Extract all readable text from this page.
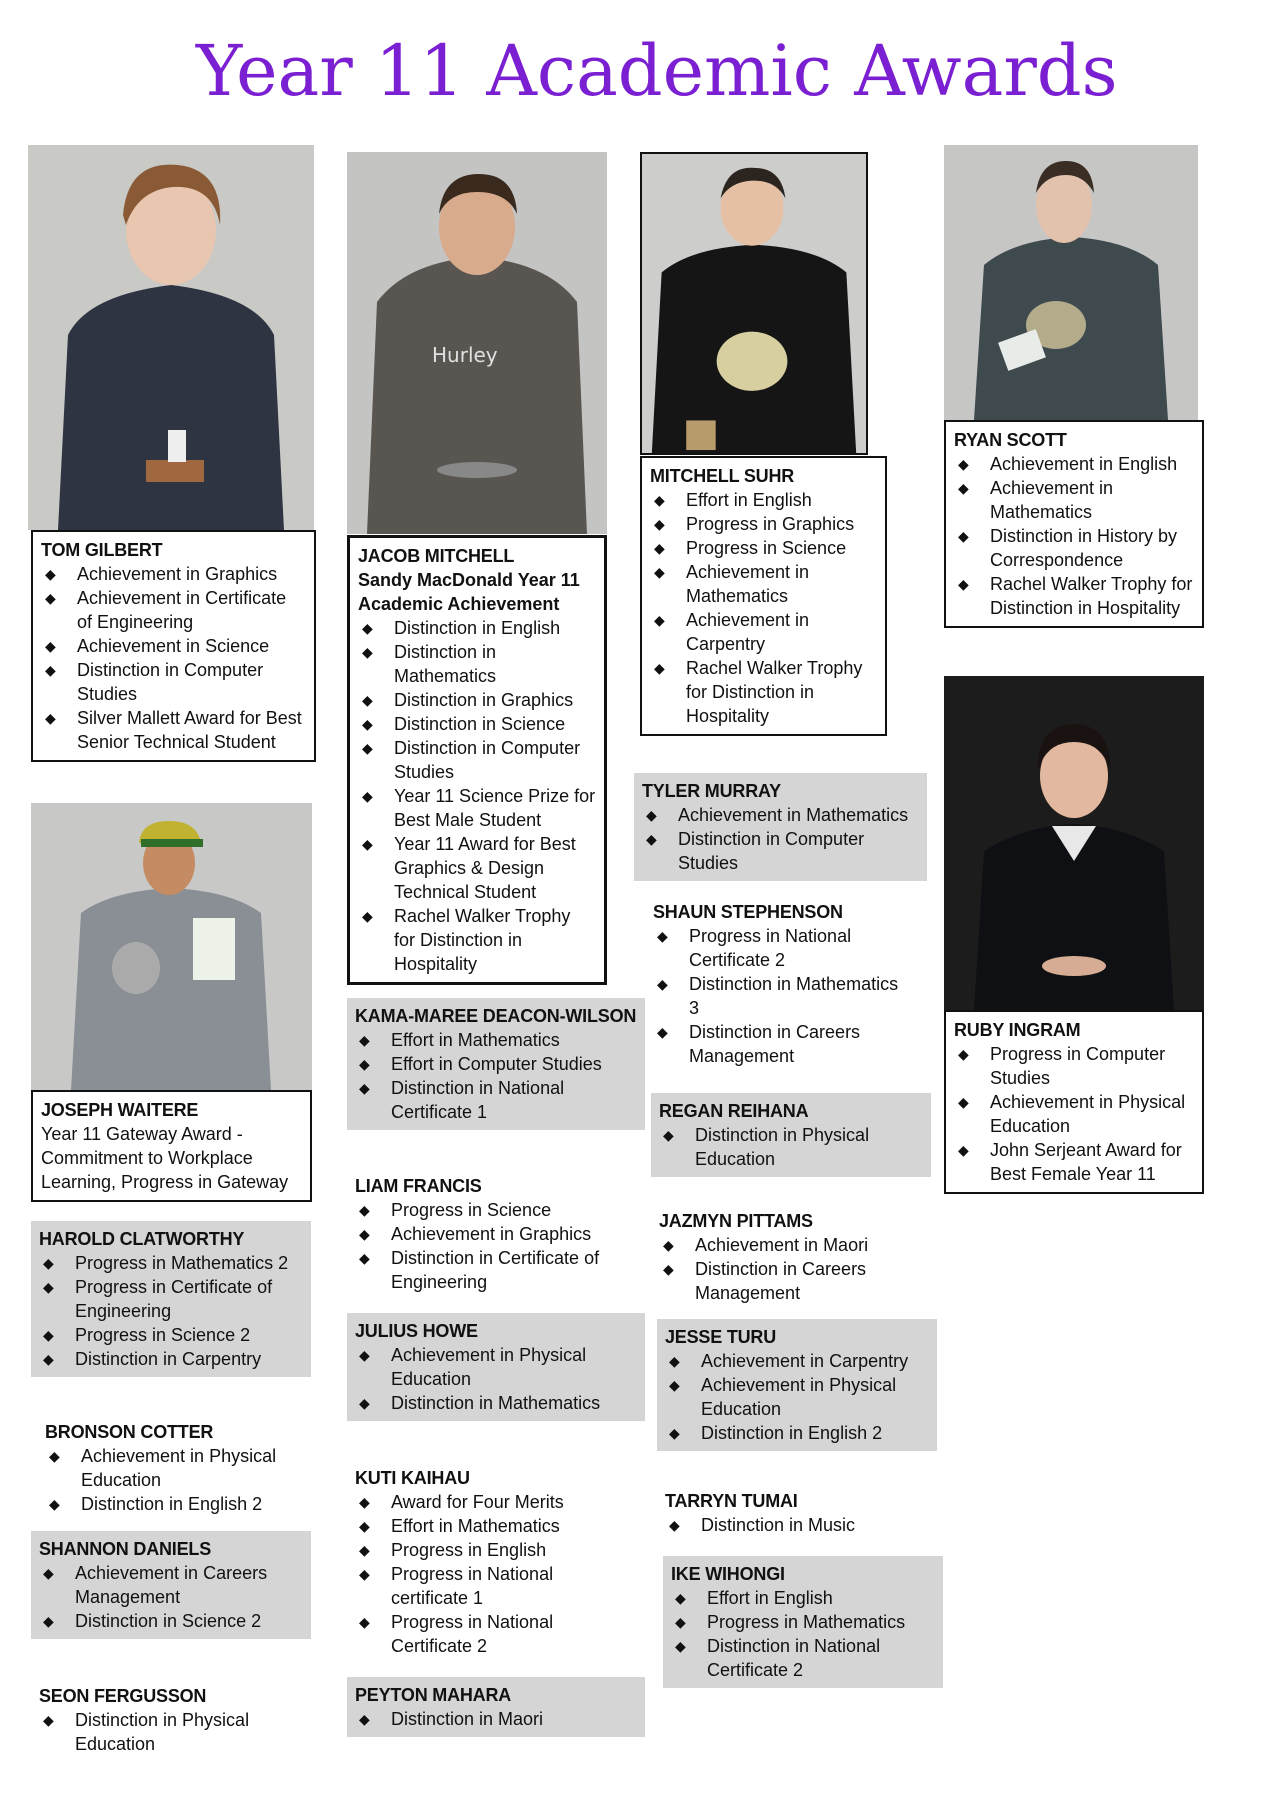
Year 11 Academic Awards
Hurley
TOM GILBERT
◆ Achievement in Graphics
◆ Achievement in Certificate of Engineering
◆ Achievement in Science
◆ Distinction in Computer Studies
◆ Silver Mallett Award for Best Senior Technical Student
JACOB MITCHELL
Sandy MacDonald Year 11 Academic Achievement
◆ Distinction in English
◆ Distinction in Mathematics
◆ Distinction in Graphics
◆ Distinction in Science
◆ Distinction in Computer Studies
◆ Year 11 Science Prize for Best Male Student
◆ Year 11 Award for Best Graphics & Design Technical Student
◆ Rachel Walker Trophy for Distinction in Hospitality
MITCHELL SUHR
◆ Effort in English
◆ Progress in Graphics
◆ Progress in Science
◆ Achievement in Mathematics
◆ Achievement in Carpentry
◆ Rachel Walker Trophy for Distinction in Hospitality
RYAN SCOTT
◆ Achievement in English
◆ Achievement in Mathematics
◆ Distinction in History by Correspondence
◆ Rachel Walker Trophy for Distinction in Hospitality
JOSEPH WAITERE
Year 11 Gateway Award - Commitment to Workplace Learning, Progress in Gateway
KAMA-MAREE DEACON-WILSON
◆ Effort in Mathematics
◆ Effort in Computer Studies
◆ Distinction in National Certificate 1
TYLER MURRAY
◆ Achievement in Mathematics
◆ Distinction in Computer Studies
SHAUN STEPHENSON
◆ Progress in National Certificate 2
◆ Distinction in Mathematics 3
◆ Distinction in Careers Management
RUBY INGRAM
◆ Progress in Computer Studies
◆ Achievement in Physical Education
◆ John Serjeant Award for Best Female Year 11
REGAN REIHANA
◆ Distinction in Physical Education
LIAM FRANCIS
◆ Progress in Science
◆ Achievement in Graphics
◆ Distinction in Certificate of Engineering
HAROLD CLATWORTHY
◆ Progress in Mathematics 2
◆ Progress in Certificate of Engineering
◆ Progress in Science 2
◆ Distinction in Carpentry
JAZMYN PITTAMS
◆ Achievement in Maori
◆ Distinction in Careers Management
JULIUS HOWE
◆ Achievement in Physical Education
◆ Distinction in Mathematics
JESSE TURU
◆ Achievement in Carpentry
◆ Achievement in Physical Education
◆ Distinction in English 2
BRONSON COTTER
◆ Achievement in Physical Education
◆ Distinction in English 2
KUTI KAIHAU
◆ Award for Four Merits
◆ Effort in Mathematics
◆ Progress in English
◆ Progress in National certificate 1
◆ Progress in National Certificate 2
TARRYN TUMAI
◆ Distinction in Music
SHANNON DANIELS
◆ Achievement in Careers Management
◆ Distinction in Science 2
IKE WIHONGI
◆ Effort in English
◆ Progress in Mathematics
◆ Distinction in National Certificate 2
SEON FERGUSSON
◆ Distinction in Physical Education
PEYTON MAHARA
◆ Distinction in Maori
